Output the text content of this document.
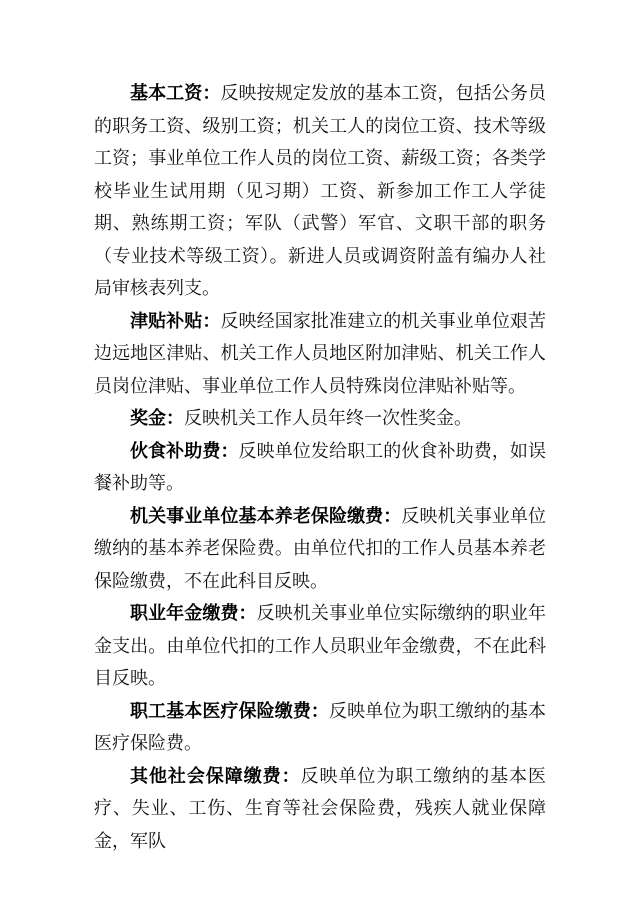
基本工资：反映按规定发放的基本工资，包括公务员的职务工资、级别工资；机关工人的岗位工资、技术等级工资；事业单位工作人员的岗位工资、薪级工资；各类学校毕业生试用期（见习期）工资、新参加工作工人学徒期、熟练期工资；军队（武警）军官、文职干部的职务（专业技术等级工资）。新进人员或调资附盖有编办人社局审核表列支。

津贴补贴：反映经国家批准建立的机关事业单位艰苦边远地区津贴、机关工作人员地区附加津贴、机关工作人员岗位津贴、事业单位工作人员特殊岗位津贴补贴等。

奖金：反映机关工作人员年终一次性奖金。

伙食补助费：反映单位发给职工的伙食补助费，如误餐补助等。

机关事业单位基本养老保险缴费：反映机关事业单位缴纳的基本养老保险费。由单位代扣的工作人员基本养老保险缴费，不在此科目反映。

职业年金缴费：反映机关事业单位实际缴纳的职业年金支出。由单位代扣的工作人员职业年金缴费，不在此科目反映。

职工基本医疗保险缴费：反映单位为职工缴纳的基本医疗保险费。

其他社会保障缴费：反映单位为职工缴纳的基本医疗、失业、工伤、生育等社会保险费，残疾人就业保障金，军队
